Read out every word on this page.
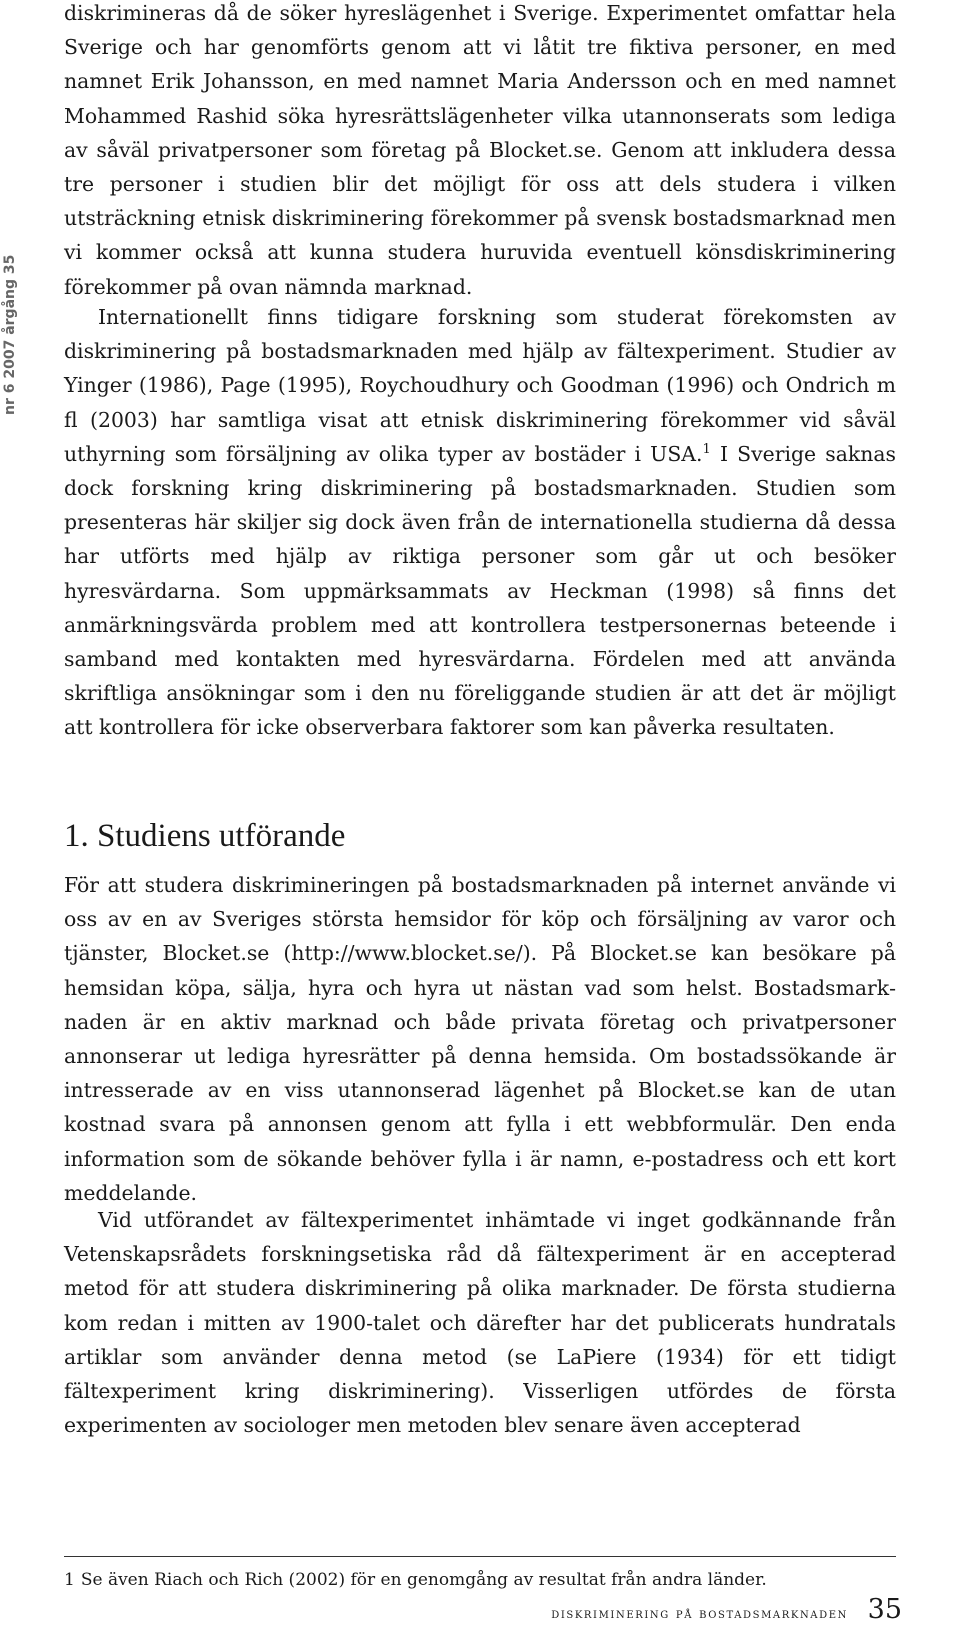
nr 6 2007 årgång 35

diskrimineras då de söker hyreslägenhet i Sverige. Experimentet omfattar hela Sverige och har genomförts genom att vi låtit tre fiktiva personer, en med namnet Erik Johansson, en med namnet Maria Andersson och en med namnet Mohammed Rashid söka hyresrättslägenheter vilka utannonserats som lediga av såväl privatpersoner som företag på Blocket.se. Genom att inkludera dessa tre personer i studien blir det möjligt för oss att dels studera i vilken utsträckning etnisk diskriminering förekommer på svensk bostadsmarknad men vi kommer också att kunna studera huruvida eventuell könsdiskriminering förekommer på ovan nämnda marknad.

Internationellt finns tidigare forskning som studerat förekomsten av diskriminering på bostadsmarknaden med hjälp av fältexperiment. Studier av Yinger (1986), Page (1995), Roychoudhury och Goodman (1996) och Ondrich m fl (2003) har samtliga visat att etnisk diskriminering förekommer vid såväl uthyrning som försäljning av olika typer av bostäder i USA.$^1$ I Sverige saknas dock forskning kring diskriminering på bostadsmarknaden. Studien som presenteras här skiljer sig dock även från de internationella studierna då dessa har utförts med hjälp av riktiga personer som går ut och besöker hyresvärdarna. Som uppmärksammats av Heckman (1998) så finns det anmärkningsvärda problem med att kontrollera testpersonernas beteende i samband med kontakten med hyresvärdarna. Fördelen med att använda skriftliga ansökningar som i den nu föreliggande studien är att det är möjligt att kontrollera för icke observerbara faktorer som kan påverka resultaten.

1. Studiens utförande

För att studera diskrimineringen på bostadsmarknaden på internet använde vi oss av en av Sveriges största hemsidor för köp och försäljning av varor och tjänster, Blocket.se (http://www.blocket.se/). På Blocket.se kan besökare på hemsidan köpa, sälja, hyra och hyra ut nästan vad som helst. Bostadsmarknaden är en aktiv marknad och både privata företag och privatpersoner annonserar ut lediga hyresrätter på denna hemsida. Om bostadssökande är intresserade av en viss utannonserad lägenhet på Blocket.se kan de utan kostnad svara på annonsen genom att fylla i ett webbformulär. Den enda information som de sökande behöver fylla i är namn, e-postadress och ett kort meddelande.

Vid utförandet av fältexperimentet inhämtade vi inget godkännande från Vetenskapsrådets forskningsetiska råd då fältexperiment är en accepterad metod för att studera diskriminering på olika marknader. De första studierna kom redan i mitten av 1900-talet och därefter har det publicerats hundratals artiklar som använder denna metod (se LaPiere (1934) för ett tidigt fältexperiment kring diskriminering). Visserligen utfördes de första experimenten av sociologer men metoden blev senare även accepterad

1 Se även Riach och Rich (2002) för en genomgång av resultat från andra länder.
diskriminering på bostadsmarknaden 35
